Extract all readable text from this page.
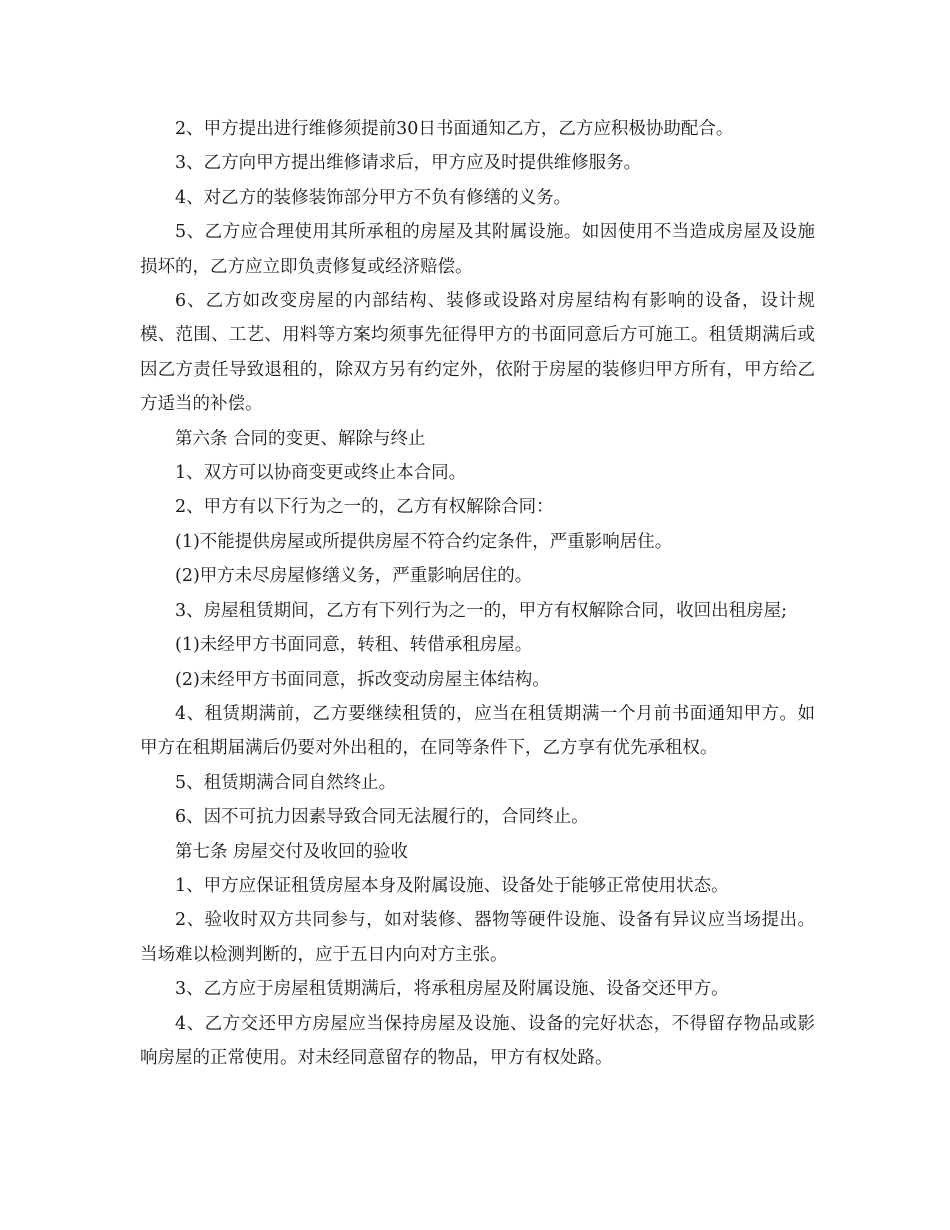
2、甲方提出进行维修须提前30日书面通知乙方，乙方应积极协助配合。

3、乙方向甲方提出维修请求后，甲方应及时提供维修服务。

4、对乙方的装修装饰部分甲方不负有修缮的义务。

5、乙方应合理使用其所承租的房屋及其附属设施。如因使用不当造成房屋及设施损坏的，乙方应立即负责修复或经济赔偿。

6、乙方如改变房屋的内部结构、装修或设路对房屋结构有影响的设备，设计规模、范围、工艺、用料等方案均须事先征得甲方的书面同意后方可施工。租赁期满后或因乙方责任导致退租的，除双方另有约定外，依附于房屋的装修归甲方所有，甲方给乙方适当的补偿。

第六条 合同的变更、解除与终止

1、双方可以协商变更或终止本合同。

2、甲方有以下行为之一的，乙方有权解除合同：

(1)不能提供房屋或所提供房屋不符合约定条件，严重影响居住。

(2)甲方未尽房屋修缮义务，严重影响居住的。

3、房屋租赁期间，乙方有下列行为之一的，甲方有权解除合同，收回出租房屋;

(1)未经甲方书面同意，转租、转借承租房屋。

(2)未经甲方书面同意，拆改变动房屋主体结构。

4、租赁期满前，乙方要继续租赁的，应当在租赁期满一个月前书面通知甲方。如甲方在租期届满后仍要对外出租的，在同等条件下，乙方享有优先承租权。

5、租赁期满合同自然终止。

6、因不可抗力因素导致合同无法履行的，合同终止。

第七条 房屋交付及收回的验收

1、甲方应保证租赁房屋本身及附属设施、设备处于能够正常使用状态。

2、验收时双方共同参与，如对装修、器物等硬件设施、设备有异议应当场提出。当场难以检测判断的，应于五日内向对方主张。

3、乙方应于房屋租赁期满后，将承租房屋及附属设施、设备交还甲方。

4、乙方交还甲方房屋应当保持房屋及设施、设备的完好状态，不得留存物品或影响房屋的正常使用。对未经同意留存的物品，甲方有权处路。
